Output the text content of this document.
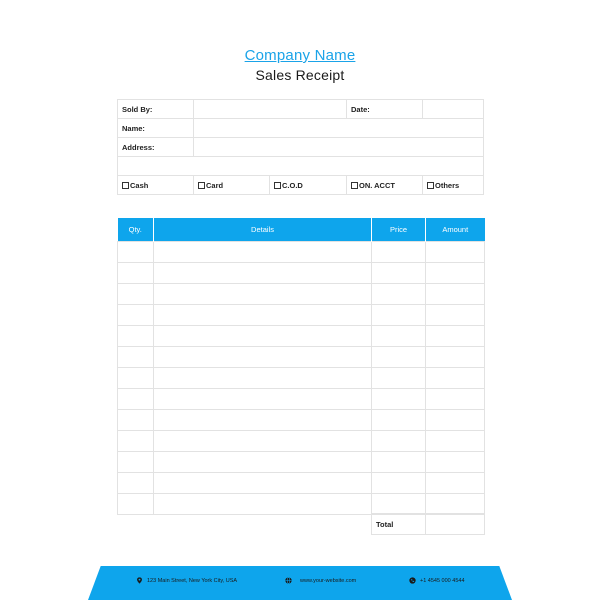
Company Name
Sales Receipt
Sold By:			Date:	
Name:				
Address:				

Cash	Card	C.O.D	ON. ACCT	Others
Qty.	Details	Price	Amount

Total	
123 Main Street, New York City, USA	www.your-website.com	+1 4545 000 4544
